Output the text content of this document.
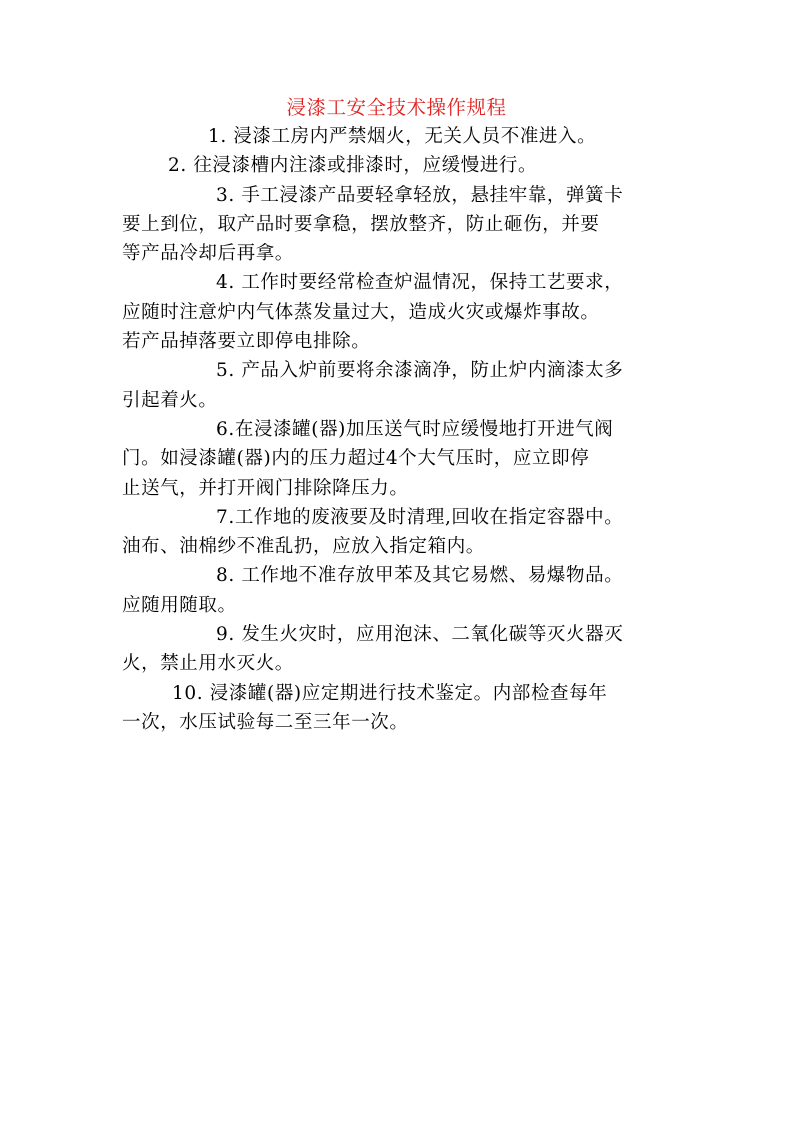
浸漆工安全技术操作规程
1. 浸漆工房内严禁烟火，无关人员不准进入。
2. 往浸漆槽内注漆或排漆时，应缓慢进行。
3. 手工浸漆产品要轻拿轻放，悬挂牢靠，弹簧卡
要上到位，取产品时要拿稳，摆放整齐，防止砸伤，并要
等产品冷却后再拿。
4. 工作时要经常检查炉温情况，保持工艺要求，
应随时注意炉内气体蒸发量过大，造成火灾或爆炸事故。
若产品掉落要立即停电排除。
5. 产品入炉前要将余漆滴净，防止炉内滴漆太多
引起着火。
6.在浸漆罐(器)加压送气时应缓慢地打开进气阀
门。如浸漆罐(器)内的压力超过4个大气压时，应立即停
止送气，并打开阀门排除降压力。
7.工作地的废液要及时清理,回收在指定容器中。
油布、油棉纱不准乱扔，应放入指定箱内。
8. 工作地不准存放甲苯及其它易燃、易爆物品。
应随用随取。
9. 发生火灾时，应用泡沫、二氧化碳等灭火器灭
火，禁止用水灭火。
10. 浸漆罐(器)应定期进行技术鉴定。内部检查每年
一次，水压试验每二至三年一次。
